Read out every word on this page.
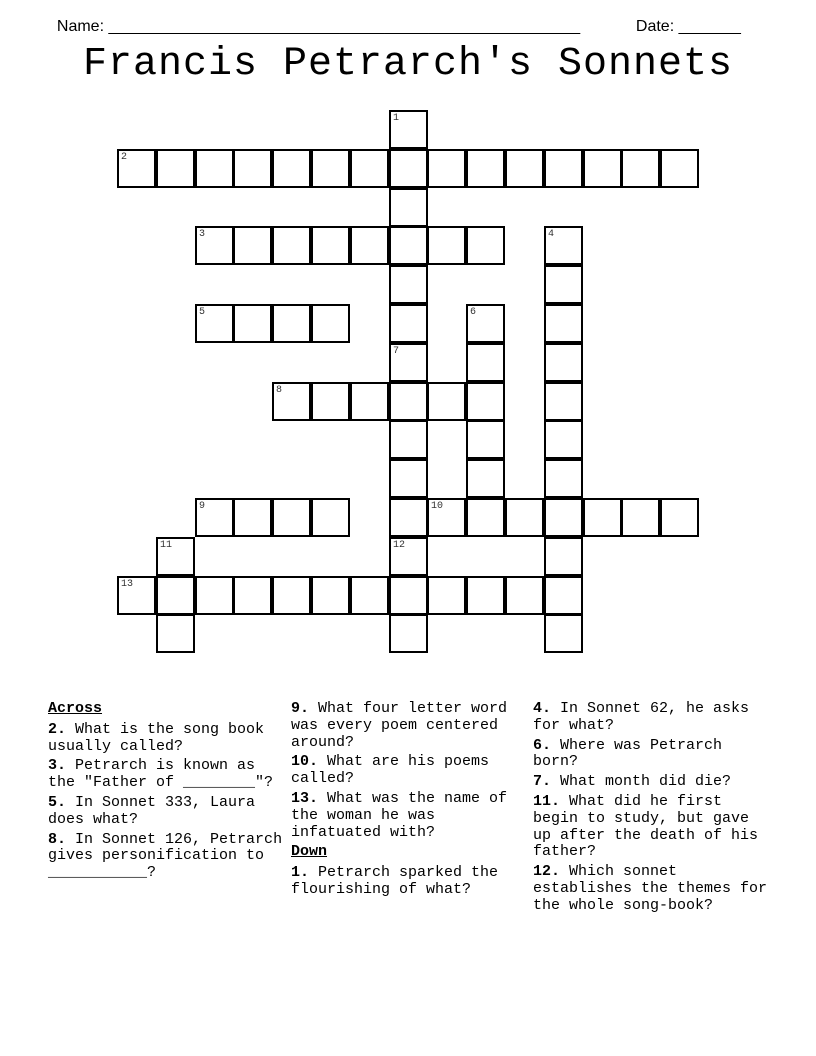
Name: _____________________________________________________	Date: _______

Francis Petrarch's Sonnets
1
7
12
2
3	4
5	6
8
9	10
11
13
Across
2. What is the song book usually called?
3. Petrarch is known as the "Father of ________"?
5. In Sonnet 333, Laura does what?
8. In Sonnet 126, Petrarch gives personification to ___________?
9. What four letter word was every poem centered around?
10. What are his poems called?
13. What was the name of the woman he was infatuated with?
Down
1. Petrarch sparked the flourishing of what?
4. In Sonnet 62, he asks for what?
6. Where was Petrarch born?
7. What month did die?
11. What did he first begin to study, but gave up after the death of his father?
12. Which sonnet establishes the themes for the whole song-book?
